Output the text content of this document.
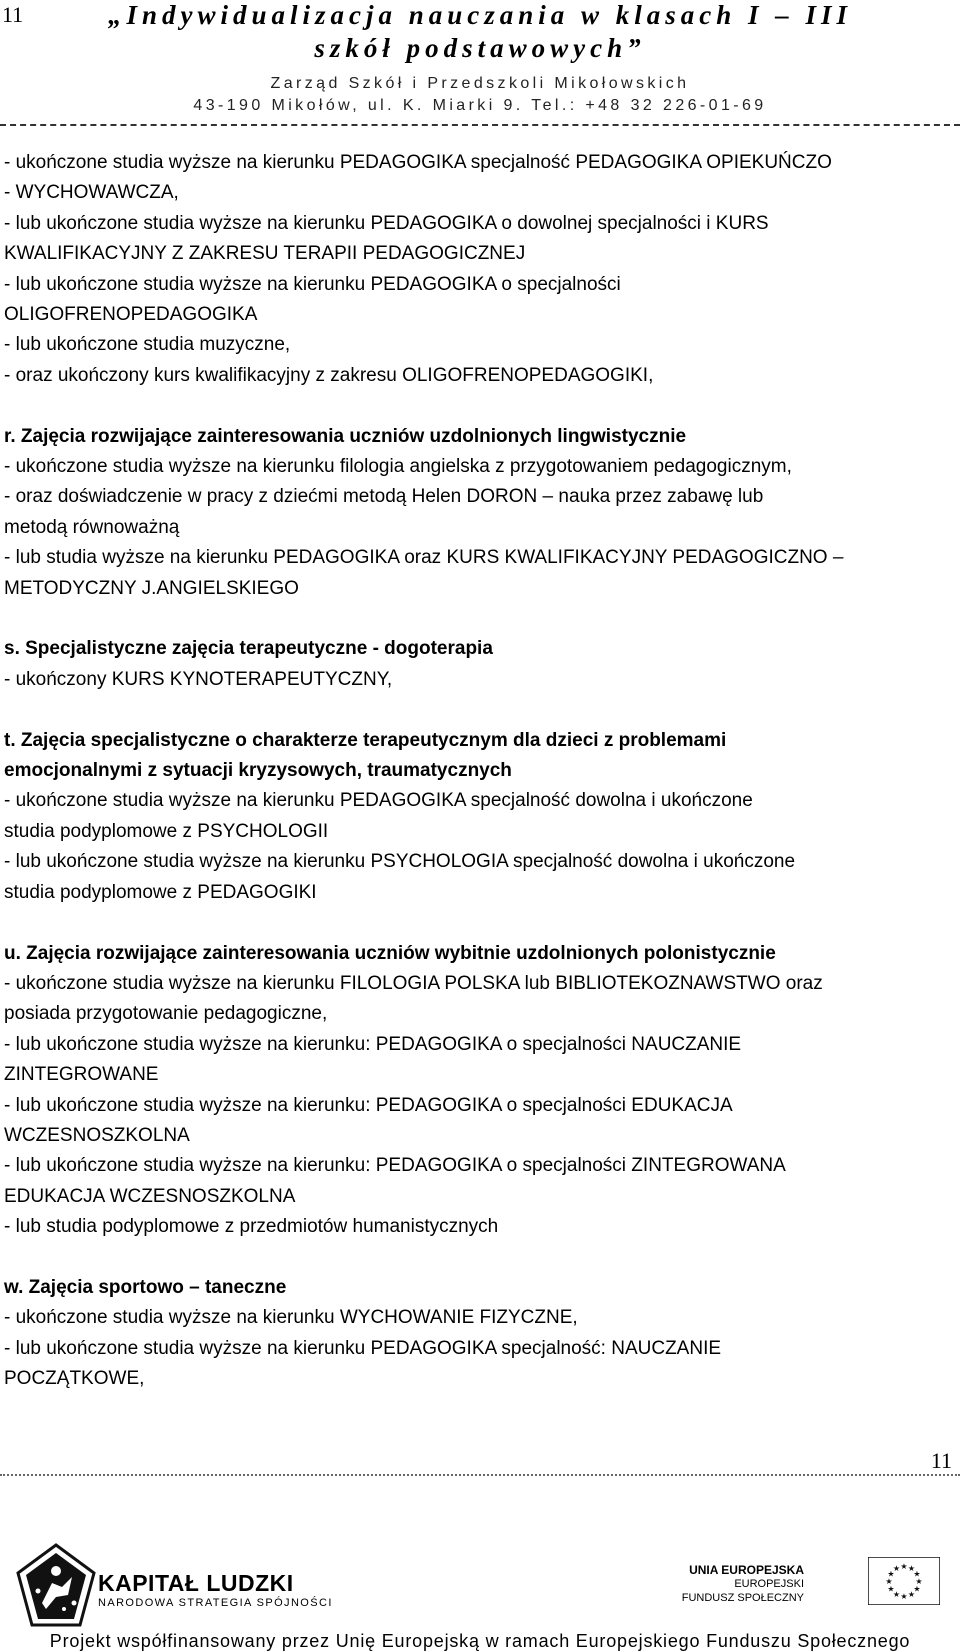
11	„Indywidualizacja nauczania w klasach I – III
szkół podstawowych”
Zarząd Szkół i Przedszkoli Mikołowskich
43-190 Mikołów, ul. K. Miarki 9. Tel.: +48 32 226-01-69

- ukończone studia wyższe na kierunku PEDAGOGIKA specjalność PEDAGOGIKA OPIEKUŃCZO

- WYCHOWAWCZA,

- lub ukończone studia wyższe na kierunku PEDAGOGIKA o dowolnej specjalności i KURS

KWALIFIKACYJNY Z ZAKRESU TERAPII PEDAGOGICZNEJ

- lub ukończone studia wyższe na kierunku PEDAGOGIKA o specjalności

OLIGOFRENOPEDAGOGIKA

- lub ukończone studia muzyczne,

- oraz ukończony kurs kwalifikacyjny z zakresu OLIGOFRENOPEDAGOGIKI,

r. Zajęcia rozwijające zainteresowania uczniów uzdolnionych lingwistycznie

- ukończone studia wyższe na kierunku filologia angielska z przygotowaniem pedagogicznym,

- oraz doświadczenie w pracy z dziećmi metodą Helen DORON – nauka przez zabawę lub

metodą równoważną

- lub studia wyższe na kierunku PEDAGOGIKA oraz KURS KWALIFIKACYJNY PEDAGOGICZNO –

METODYCZNY J.ANGIELSKIEGO

s. Specjalistyczne zajęcia terapeutyczne - dogoterapia

- ukończony KURS KYNOTERAPEUTYCZNY,

t. Zajęcia specjalistyczne o charakterze terapeutycznym dla dzieci z problemami

emocjonalnymi z sytuacji kryzysowych, traumatycznych

- ukończone studia wyższe na kierunku PEDAGOGIKA specjalność dowolna i ukończone

studia podyplomowe z PSYCHOLOGII

- lub ukończone studia wyższe na kierunku PSYCHOLOGIA specjalność dowolna i ukończone

studia podyplomowe z PEDAGOGIKI

u. Zajęcia rozwijające zainteresowania uczniów wybitnie uzdolnionych polonistycznie

- ukończone studia wyższe na kierunku FILOLOGIA POLSKA lub BIBLIOTEKOZNAWSTWO oraz

posiada przygotowanie pedagogiczne,

- lub ukończone studia wyższe na kierunku: PEDAGOGIKA o specjalności NAUCZANIE

ZINTEGROWANE

- lub ukończone studia wyższe na kierunku: PEDAGOGIKA o specjalności EDUKACJA

WCZESNOSZKOLNA

- lub ukończone studia wyższe na kierunku: PEDAGOGIKA o specjalności ZINTEGROWANA

EDUKACJA WCZESNOSZKOLNA

- lub studia podyplomowe z przedmiotów humanistycznych

w. Zajęcia sportowo – taneczne

- ukończone studia wyższe na kierunku WYCHOWANIE FIZYCZNE,

- lub ukończone studia wyższe na kierunku PEDAGOGIKA specjalność: NAUCZANIE

POCZĄTKOWE,

11
KAPITAŁ LUDZKI
NARODOWA STRATEGIA SPÓJNOŚCI
UNIA EUROPEJSKA
EUROPEJSKI
FUNDUSZ SPOŁECZNY
★
★
★
★
★
★
★
★
★ ★ ★
★
Projekt współfinansowany przez Unię Europejską w ramach Europejskiego Funduszu Społecznego
